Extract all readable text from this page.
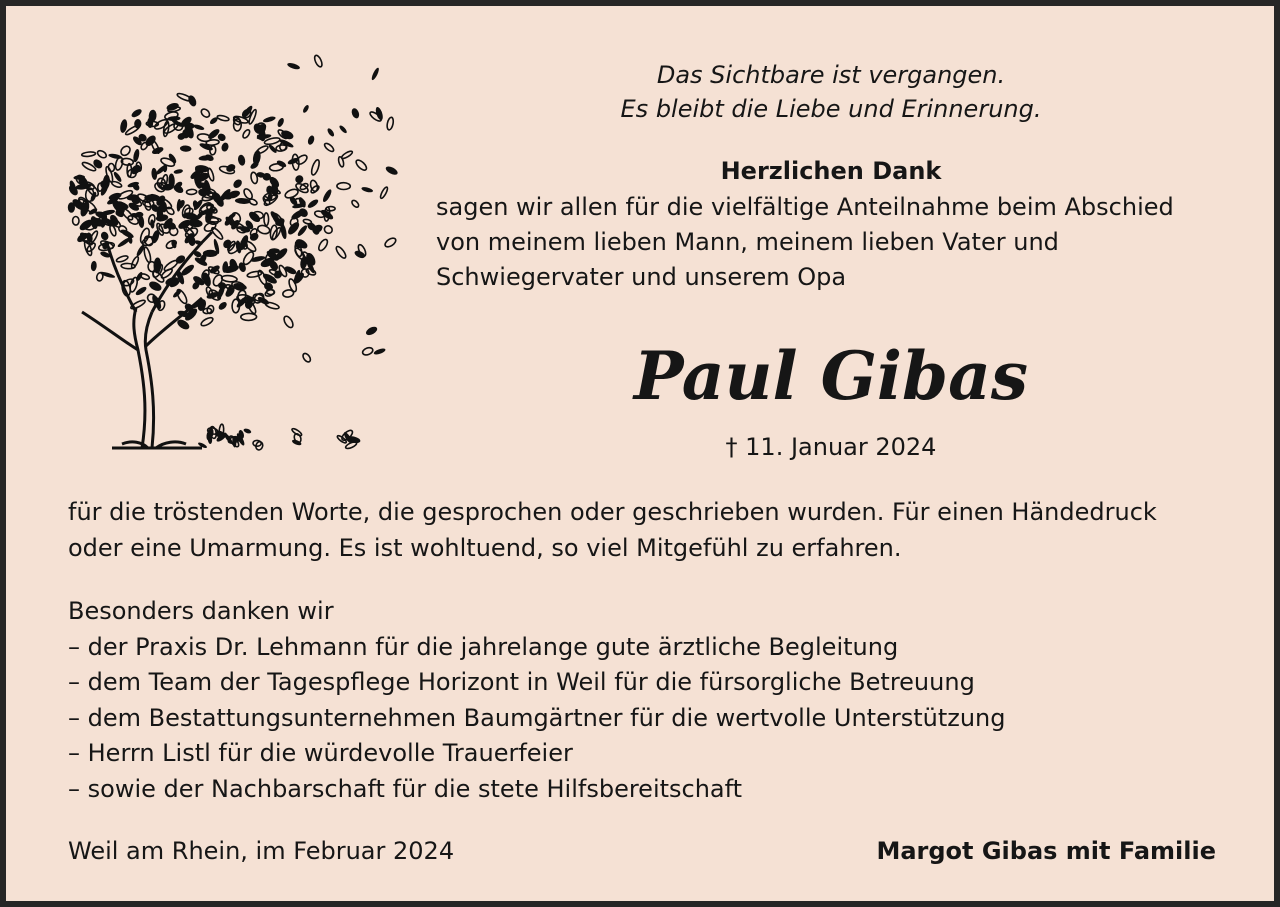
Das Sichtbare ist vergangen.
Es bleibt die Liebe und Erinnerung.
Herzlichen Dank
sagen wir allen für die vielfältige Anteilnahme beim Abschied
von meinem lieben Mann, meinem lieben Vater und
Schwiegervater und unserem Opa
Paul Gibas
† 11. Januar 2024
für die tröstenden Worte, die gesprochen oder geschrieben wurden. Für einen Händedruck
oder eine Umarmung. Es ist wohltuend, so viel Mitgefühl zu erfahren.
Besonders danken wir
– der Praxis Dr. Lehmann für die jahrelange gute ärztliche Begleitung
– dem Team der Tagespflege Horizont in Weil für die fürsorgliche Betreuung
– dem Bestattungsunternehmen Baumgärtner für die wertvolle Unterstützung
– Herrn Listl für die würdevolle Trauerfeier
– sowie der Nachbarschaft für die stete Hilfsbereitschaft
Weil am Rhein, im Februar 2024	Margot Gibas mit Familie
